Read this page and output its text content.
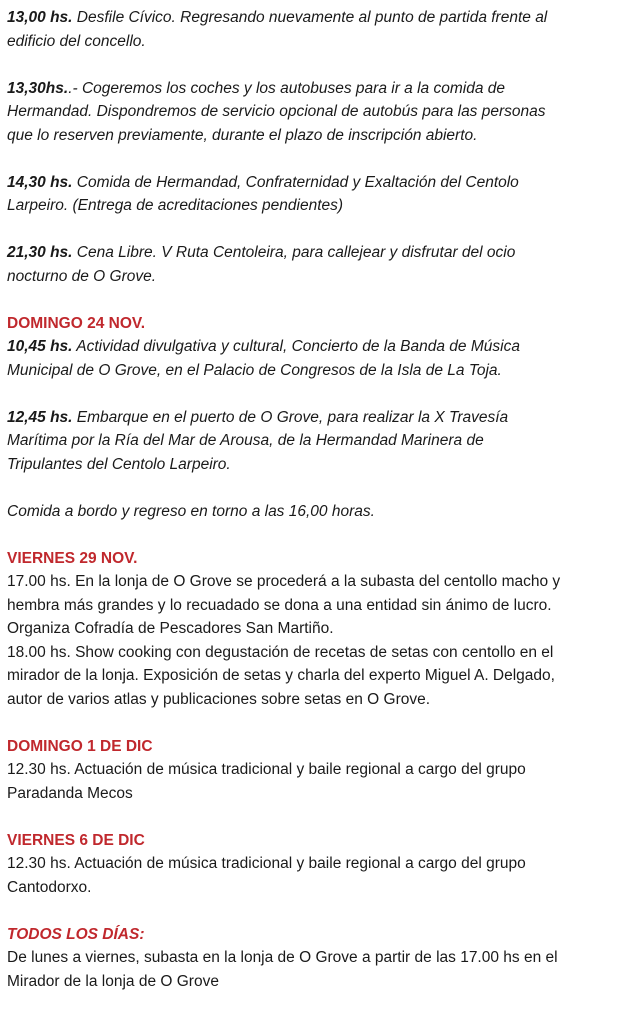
13,00 hs. Desfile Cívico. Regresando nuevamente al punto de partida frente al
edificio del concello.
13,30hs..- Cogeremos los coches y los autobuses para ir a la comida de
Hermandad. Dispondremos de servicio opcional de autobús para las personas
que lo reserven previamente, durante el plazo de inscripción abierto.
14,30 hs. Comida de Hermandad, Confraternidad y Exaltación del Centolo
Larpeiro. (Entrega de acreditaciones pendientes)
21,30 hs. Cena Libre. V Ruta Centoleira, para callejear y disfrutar del ocio
nocturno de O Grove.
DOMINGO 24 NOV.
10,45 hs. Actividad divulgativa y cultural, Concierto de la Banda de Música
Municipal de O Grove, en el Palacio de Congresos de la Isla de La Toja.
12,45 hs. Embarque en el puerto de O Grove, para realizar la X Travesía
Marítima por la Ría del Mar de Arousa, de la Hermandad Marinera de
Tripulantes del Centolo Larpeiro.
Comida a bordo y regreso en torno a las 16,00 horas.
VIERNES 29 NOV.
17.00 hs. En la lonja de O Grove se procederá a la subasta del centollo macho y
hembra más grandes y lo recuadado se dona a una entidad sin ánimo de lucro.
Organiza Cofradía de Pescadores San Martiño.
18.00 hs. Show cooking con degustación de recetas de setas con centollo en el
mirador de la lonja. Exposición de setas y charla del experto Miguel A. Delgado,
autor de varios atlas y publicaciones sobre setas en O Grove.
DOMINGO 1 DE DIC
12.30 hs. Actuación de música tradicional y baile regional a cargo del grupo
Paradanda Mecos
VIERNES 6 DE DIC
12.30 hs. Actuación de música tradicional y baile regional a cargo del grupo
Cantodorxo.
TODOS LOS DÍAS:
De lunes a viernes, subasta en la lonja de O Grove a partir de las 17.00 hs en el
Mirador de la lonja de O Grove
